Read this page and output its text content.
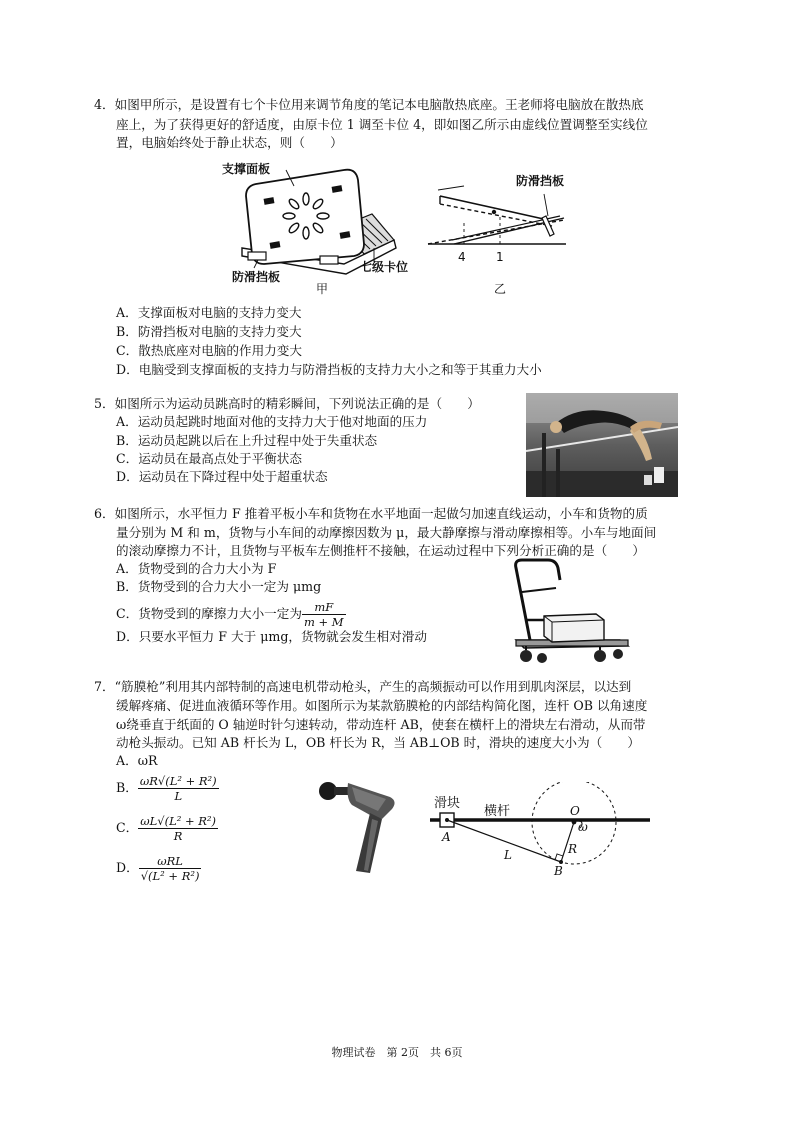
4．如图甲所示，是设置有七个卡位用来调节角度的笔记本电脑散热底座。王老师将电脑放在散热底
座上，为了获得更好的舒适度，由原卡位 1 调至卡位 4，即如图乙所示由虚线位置调整至实线位
置，电脑始终处于静止状态，则（　　）
支撑面板
防滑挡板
七级卡位
甲
防滑挡板
4	1
乙
A．支撑面板对电脑的支持力变大
B．防滑挡板对电脑的支持力变大
C．散热底座对电脑的作用力变大
D．电脑受到支撑面板的支持力与防滑挡板的支持力大小之和等于其重力大小
5．如图所示为运动员跳高时的精彩瞬间，下列说法正确的是（　　）
A．运动员起跳时地面对他的支持力大于他对地面的压力
B．运动员起跳以后在上升过程中处于失重状态
C．运动员在最高点处于平衡状态
D．运动员在下降过程中处于超重状态
6．如图所示，水平恒力 F 推着平板小车和货物在水平地面一起做匀加速直线运动，小车和货物的质
量分别为 M 和 m，货物与小车间的动摩擦因数为 μ，最大静摩擦与滑动摩擦相等。小车与地面间
的滚动摩擦力不计，且货物与平板车左侧推杆不接触，在运动过程中下列分析正确的是（　　）
A．货物受到的合力大小为 F
B．货物受到的合力大小一定为 μmg
C．货物受到的摩擦力大小一定为 $\frac{mF}{m + M}$
D．只要水平恒力 F 大于 μmg，货物就会发生相对滑动
7．“筋膜枪”利用其内部特制的高速电机带动枪头，产生的高频振动可以作用到肌肉深层，以达到
缓解疼痛、促进血液循环等作用。如图所示为某款筋膜枪的内部结构简化图，连杆 OB 以角速度
ω绕垂直于纸面的 O 轴逆时针匀速转动，带动连杆 AB，使套在横杆上的滑块左右滑动，从而带
动枪头振动。已知 AB 杆长为 L，OB 杆长为 R，当 AB⊥OB 时，滑块的速度大小为（　　）
A．ωR
B． $\frac{\text{ωR√(L² + R²)}}{L}$
C． $\frac{\text{ωL√(L² + R²)}}{R}$
D． $\frac{\text{ωRL}}{\text{√(L² + R²)}}$
滑块
横杆	O
ω
A
L	R
B
物理试卷　第 2页　共 6页
